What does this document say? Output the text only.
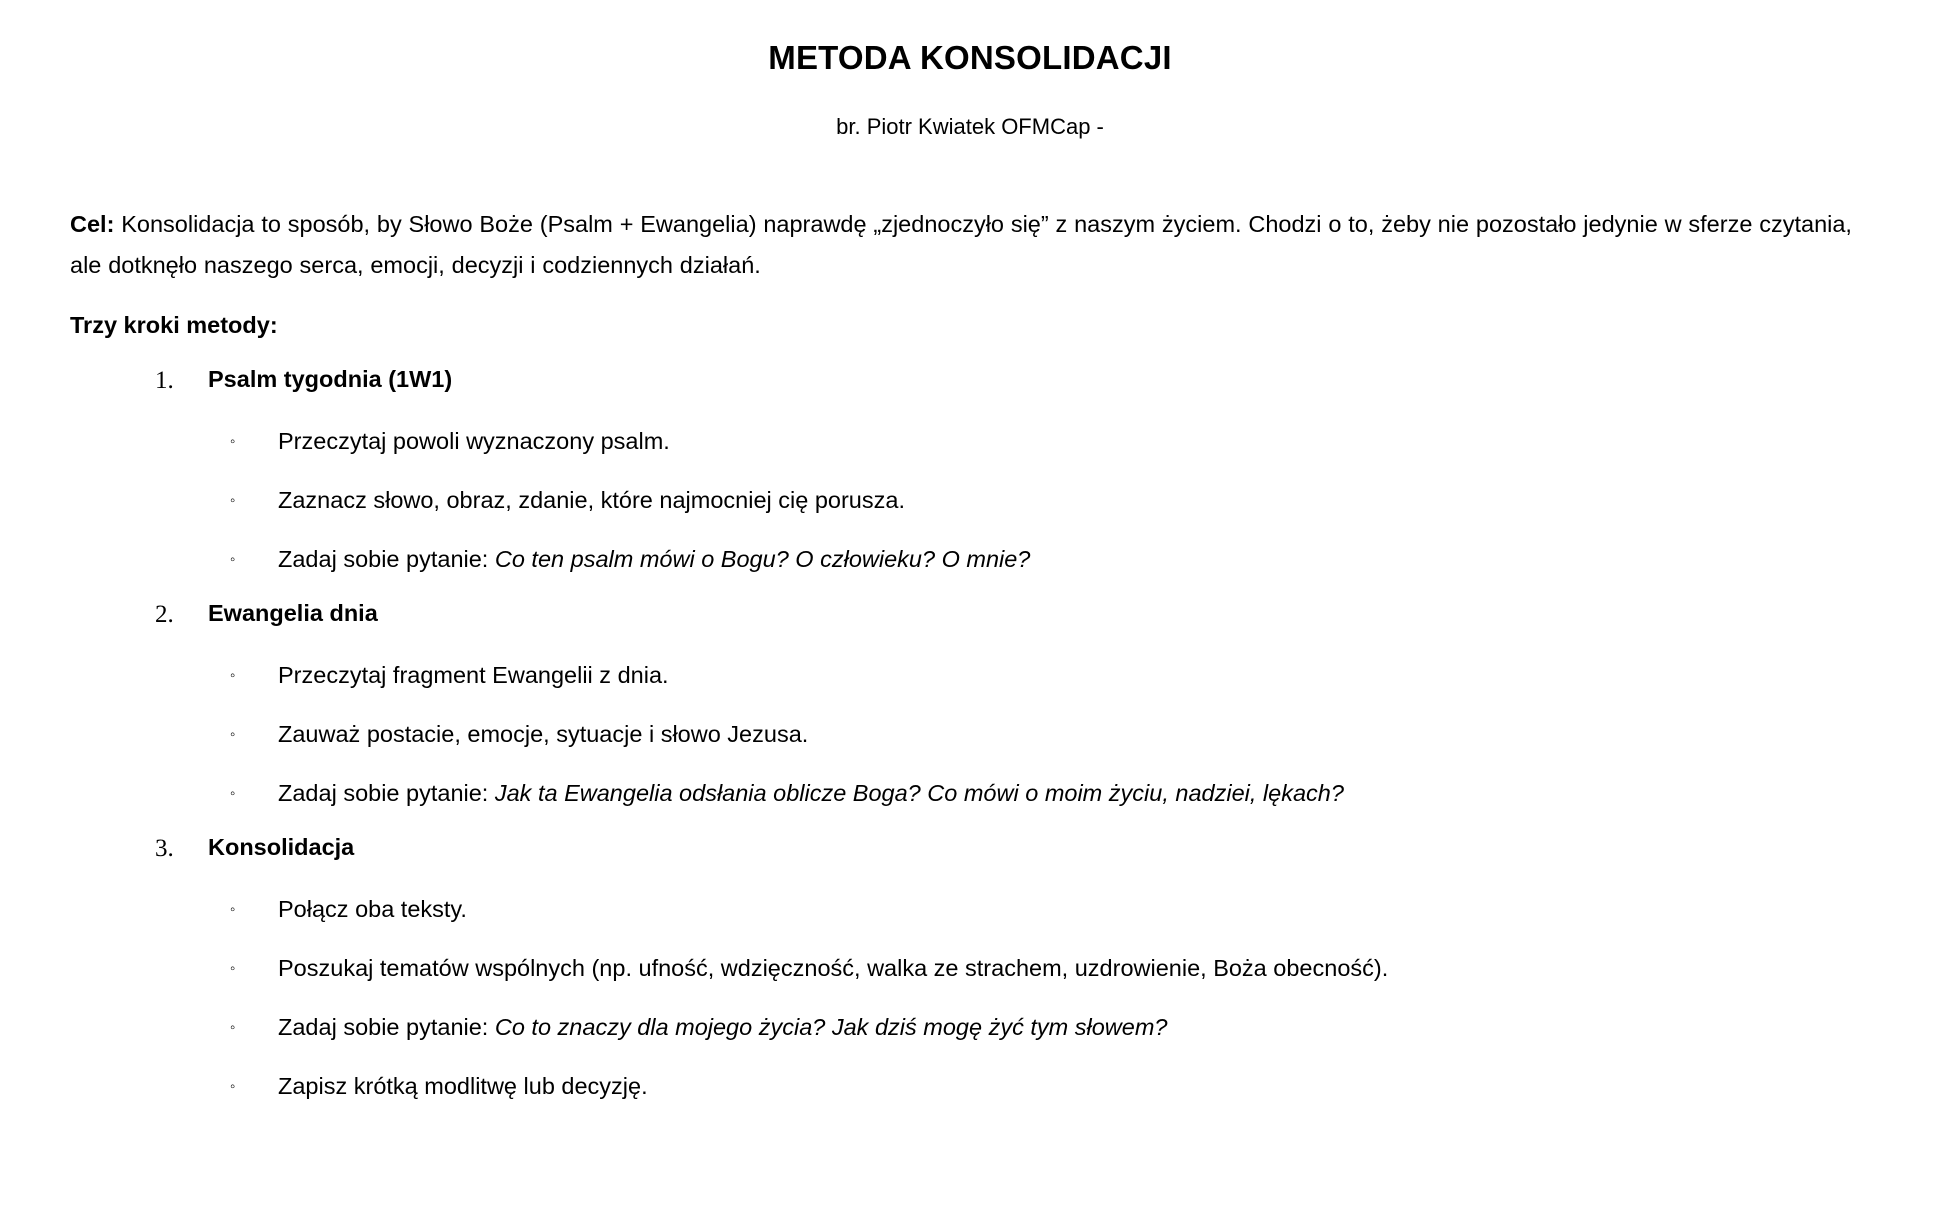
METODA KONSOLIDACJI
br. Piotr Kwiatek OFMCap -

Cel: Konsolidacja to sposób, by Słowo Boże (Psalm + Ewangelia) naprawdę „zjednoczyło się” z naszym życiem. Chodzi o to, żeby nie pozostało jedynie w sferze czytania, ale dotknęło naszego serca, emocji, decyzji i codziennych działań.

Trzy kroki metody:

1. Psalm tygodnia (1W1)
◦ Przeczytaj powoli wyznaczony psalm.
◦ Zaznacz słowo, obraz, zdanie, które najmocniej cię porusza.
◦ Zadaj sobie pytanie: Co ten psalm mówi o Bogu? O człowieku? O mnie?
2. Ewangelia dnia
◦ Przeczytaj fragment Ewangelii z dnia.
◦ Zauważ postacie, emocje, sytuacje i słowo Jezusa.
◦ Zadaj sobie pytanie: Jak ta Ewangelia odsłania oblicze Boga? Co mówi o moim życiu, nadziei, lękach?
3. Konsolidacja
◦ Połącz oba teksty.
◦ Poszukaj tematów wspólnych (np. ufność, wdzięczność, walka ze strachem, uzdrowienie, Boża obecność).
◦ Zadaj sobie pytanie: Co to znaczy dla mojego życia? Jak dziś mogę żyć tym słowem?
◦ Zapisz krótką modlitwę lub decyzję.
